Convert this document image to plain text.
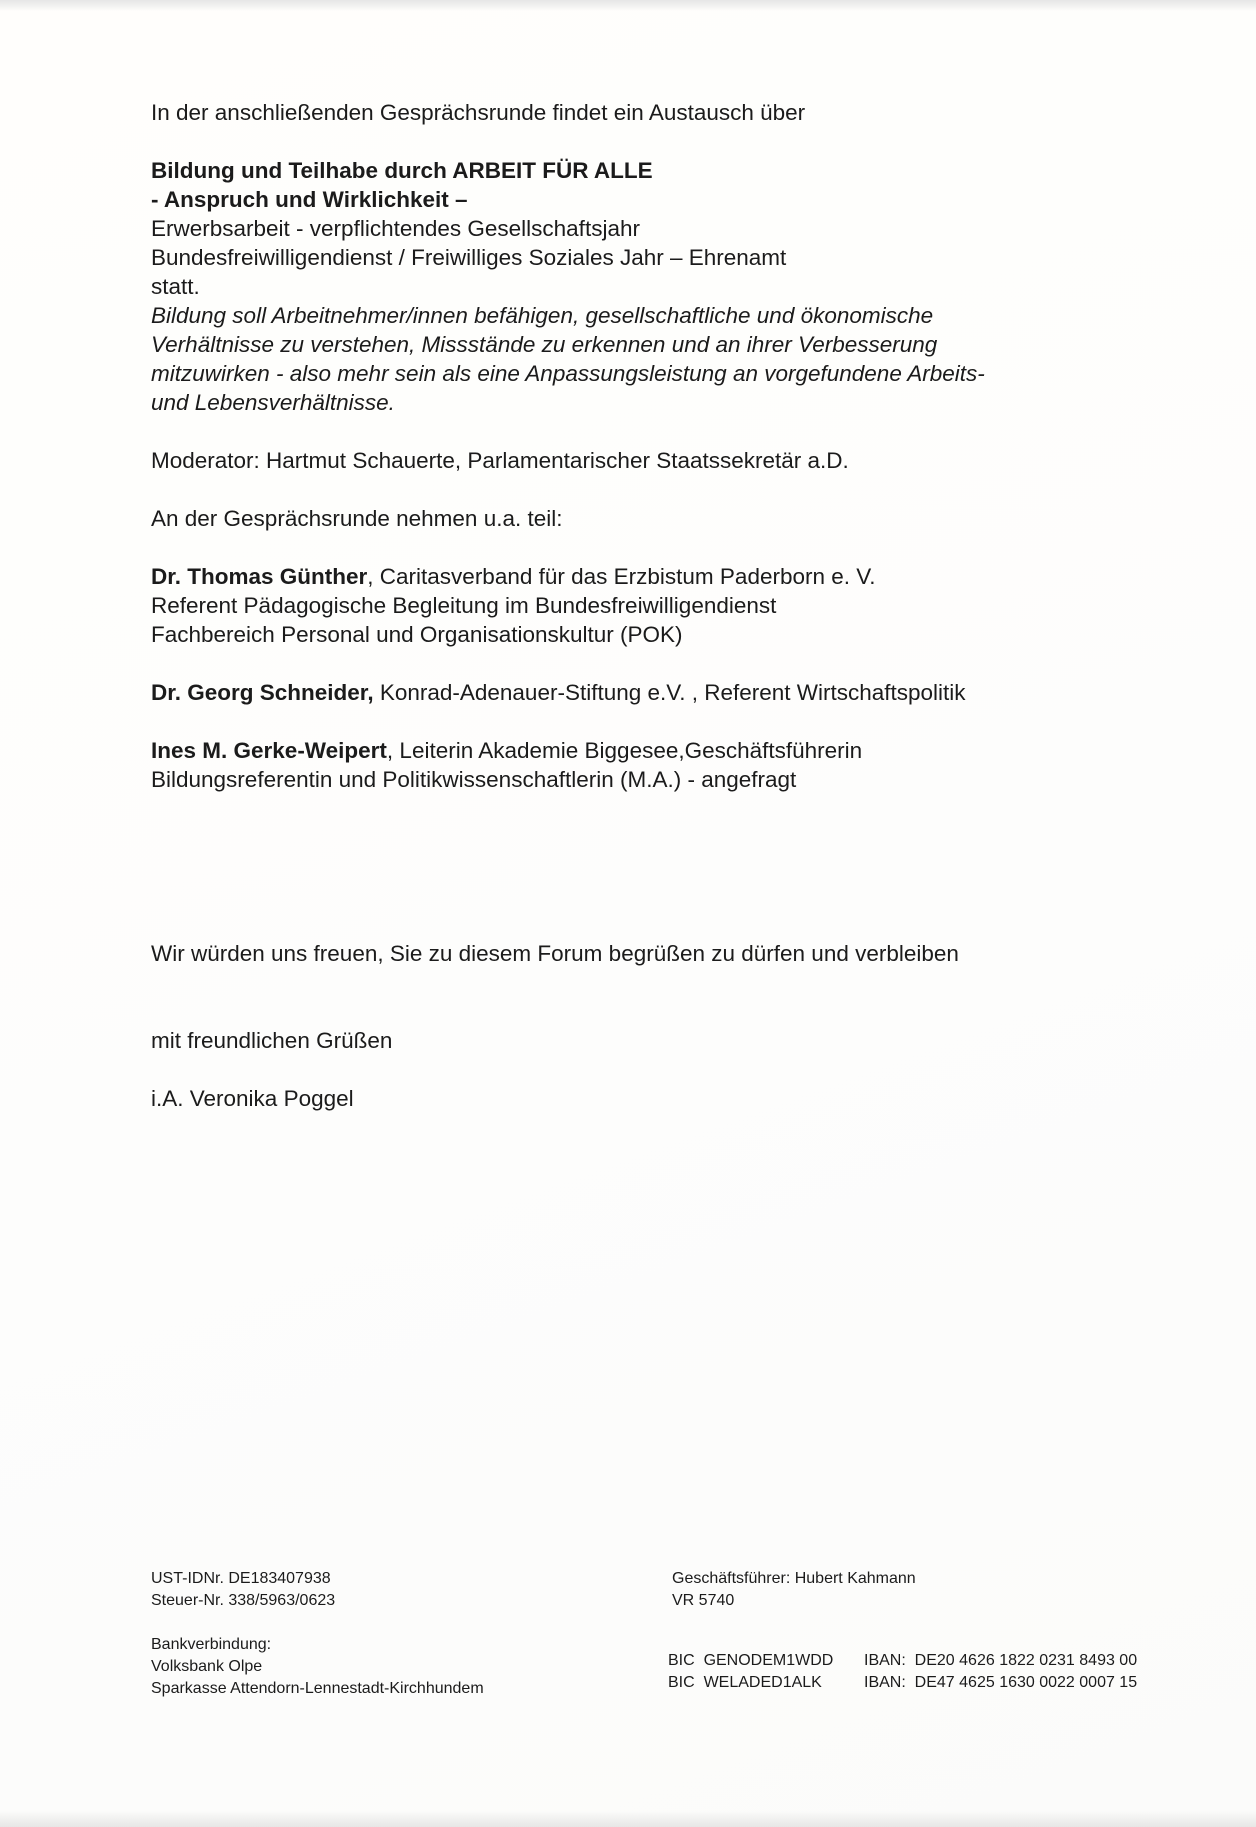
In der anschließenden Gesprächsrunde findet ein Austausch über

Bildung und Teilhabe durch ARBEIT FÜR ALLE

- Anspruch und Wirklichkeit –

Erwerbsarbeit - verpflichtendes Gesellschaftsjahr

Bundesfreiwilligendienst / Freiwilliges Soziales Jahr – Ehrenamt

statt.

Bildung soll Arbeitnehmer/innen befähigen, gesellschaftliche und ökonomische

Verhältnisse zu verstehen, Missstände zu erkennen und an ihrer Verbesserung

mitzuwirken - also mehr sein als eine Anpassungsleistung an vorgefundene Arbeits-

und Lebensverhältnisse.

Moderator: Hartmut Schauerte, Parlamentarischer Staatssekretär a.D.

An der Gesprächsrunde nehmen u.a. teil:

Dr. Thomas Günther, Caritasverband für das Erzbistum Paderborn e. V.

Referent Pädagogische Begleitung im Bundesfreiwilligendienst

Fachbereich Personal und Organisationskultur (POK)

Dr. Georg Schneider, Konrad-Adenauer-Stiftung e.V. , Referent Wirtschaftspolitik

Ines M. Gerke-Weipert, Leiterin Akademie Biggesee,Geschäftsführerin

Bildungsreferentin und Politikwissenschaftlerin (M.A.) - angefragt

Wir würden uns freuen, Sie zu diesem Forum begrüßen zu dürfen und verbleiben

mit freundlichen Grüßen

i.A. Veronika Poggel

UST-IDNr. DE183407938

Steuer-Nr. 338/5963/0623

Bankverbindung:

Volksbank Olpe

Sparkasse Attendorn-Lennestadt-Kirchhundem

Geschäftsführer: Hubert Kahmann

VR 5740

BIC  GENODEM1WDD IBAN:  DE20 4626 1822 0231 8493 00

BIC  WELADED1ALK	IBAN:  DE47 4625 1630 0022 0007 15
